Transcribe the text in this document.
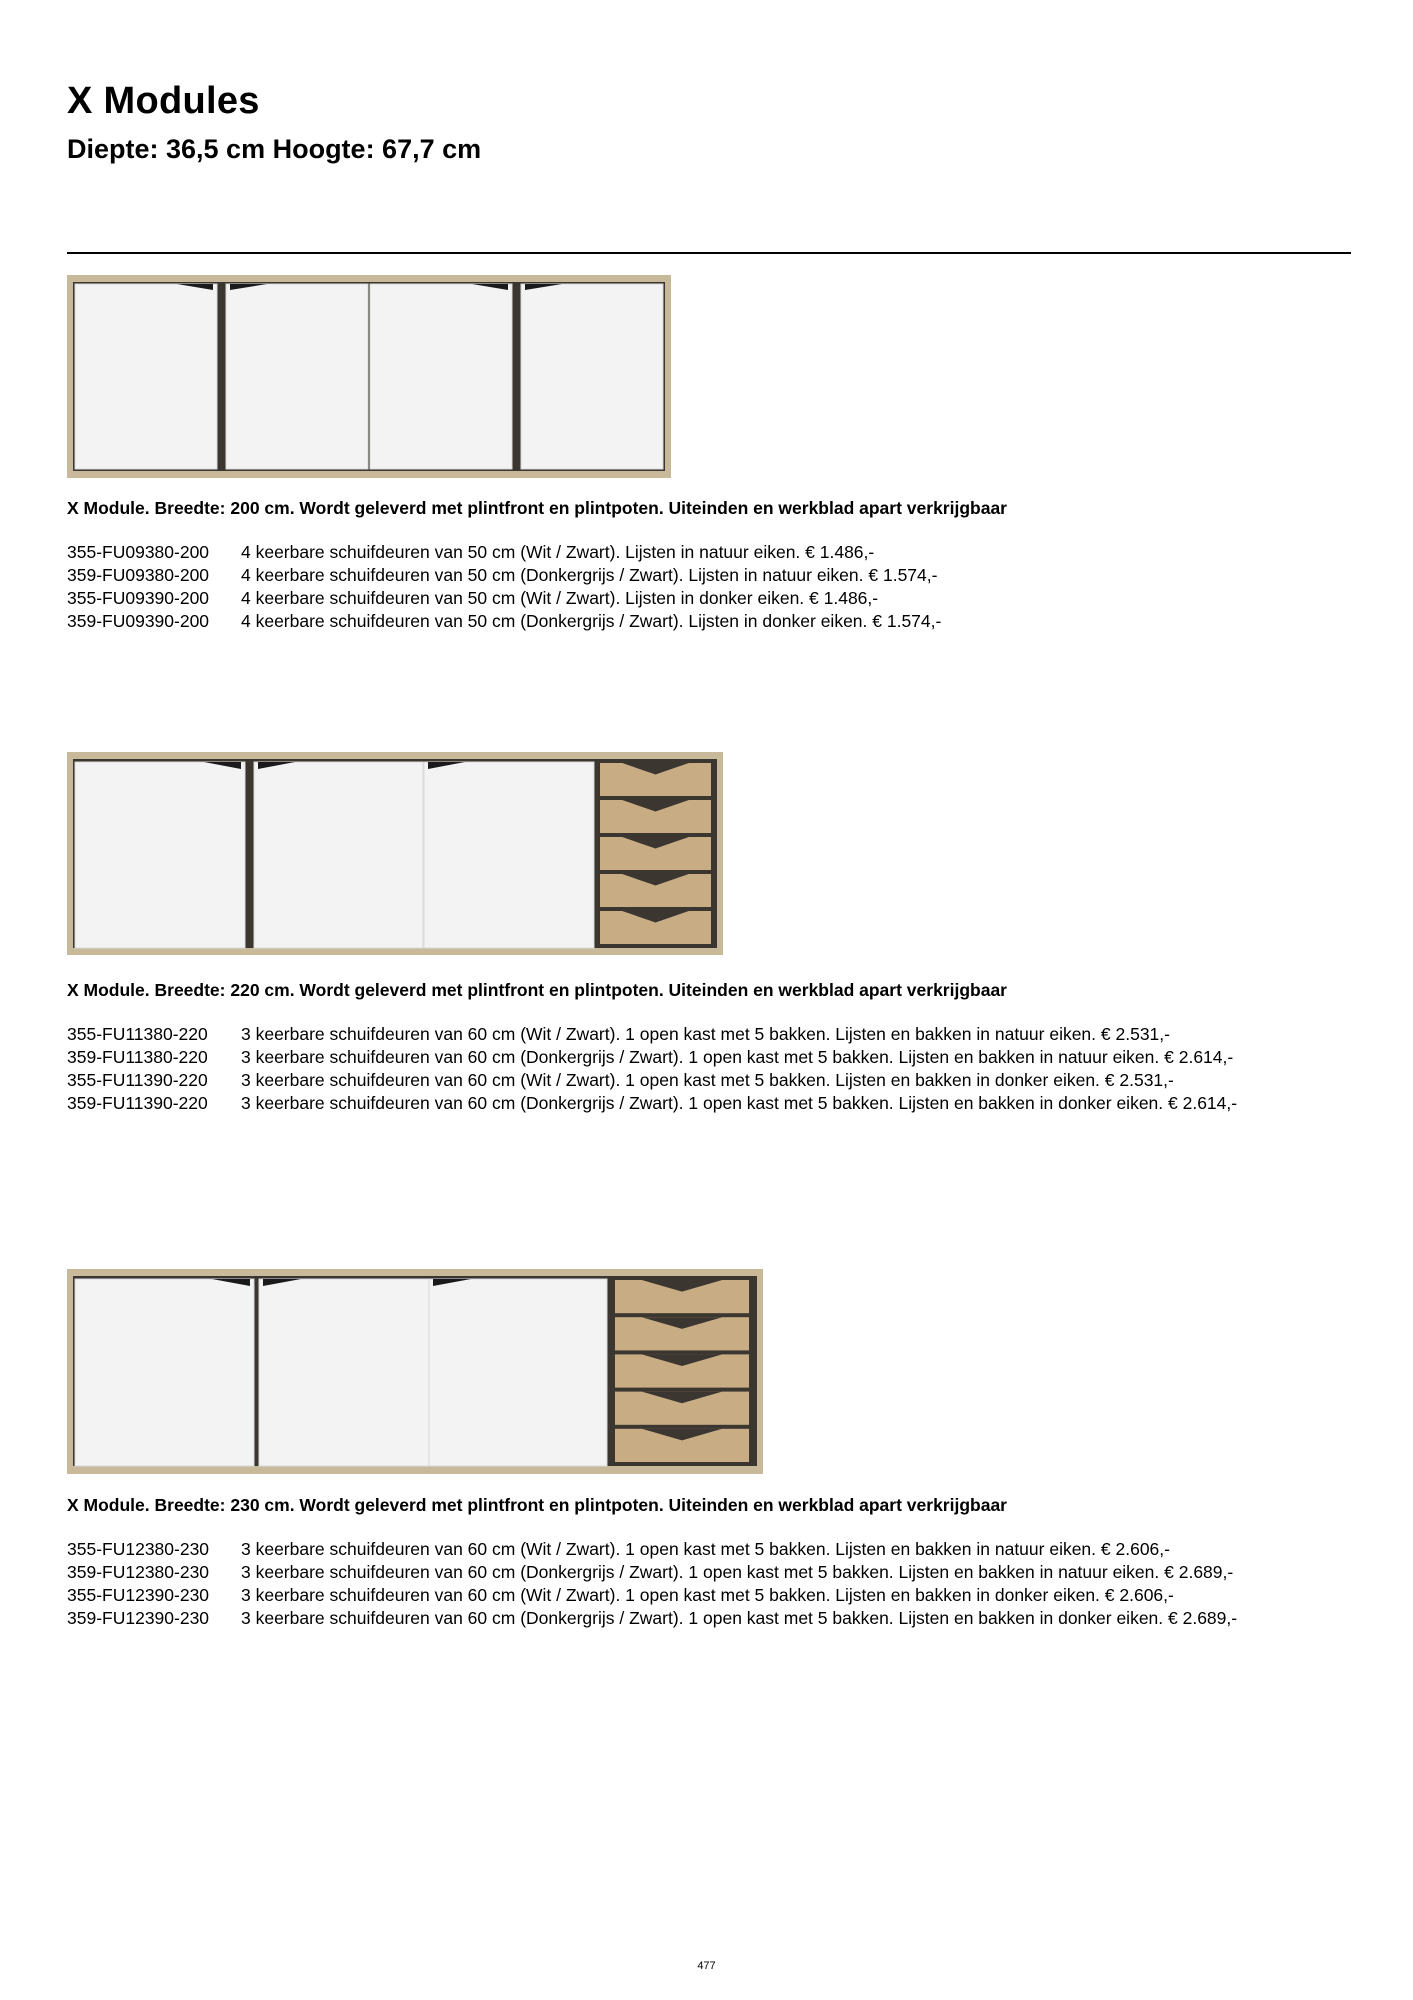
X Modules
Diepte: 36,5 cm Hoogte: 67,7 cm
X Module. Breedte: 200 cm. Wordt geleverd met plintfront en plintpoten. Uiteinden en werkblad apart verkrijgbaar
355-FU09380-200	4 keerbare schuifdeuren van 50 cm (Wit / Zwart). Lijsten in natuur eiken. € 1.486,-
359-FU09380-200	4 keerbare schuifdeuren van 50 cm (Donkergrijs / Zwart). Lijsten in natuur eiken. € 1.574,-
355-FU09390-200	4 keerbare schuifdeuren van 50 cm (Wit / Zwart). Lijsten in donker eiken. € 1.486,-
359-FU09390-200	4 keerbare schuifdeuren van 50 cm (Donkergrijs / Zwart). Lijsten in donker eiken. € 1.574,-
X Module. Breedte: 220 cm. Wordt geleverd met plintfront en plintpoten. Uiteinden en werkblad apart verkrijgbaar
355-FU11380-220	3 keerbare schuifdeuren van 60 cm (Wit / Zwart). 1 open kast met 5 bakken. Lijsten en bakken in natuur eiken. € 2.531,-
359-FU11380-220	3 keerbare schuifdeuren van 60 cm (Donkergrijs / Zwart). 1 open kast met 5 bakken. Lijsten en bakken in natuur eiken. € 2.614,-
355-FU11390-220	3 keerbare schuifdeuren van 60 cm (Wit / Zwart). 1 open kast met 5 bakken. Lijsten en bakken in donker eiken. € 2.531,-
359-FU11390-220	3 keerbare schuifdeuren van 60 cm (Donkergrijs / Zwart). 1 open kast met 5 bakken. Lijsten en bakken in donker eiken. € 2.614,-
X Module. Breedte: 230 cm. Wordt geleverd met plintfront en plintpoten. Uiteinden en werkblad apart verkrijgbaar
355-FU12380-230	3 keerbare schuifdeuren van 60 cm (Wit / Zwart). 1 open kast met 5 bakken. Lijsten en bakken in natuur eiken. € 2.606,-
359-FU12380-230	3 keerbare schuifdeuren van 60 cm (Donkergrijs / Zwart). 1 open kast met 5 bakken. Lijsten en bakken in natuur eiken. € 2.689,-
355-FU12390-230	3 keerbare schuifdeuren van 60 cm (Wit / Zwart). 1 open kast met 5 bakken. Lijsten en bakken in donker eiken. € 2.606,-
359-FU12390-230	3 keerbare schuifdeuren van 60 cm (Donkergrijs / Zwart). 1 open kast met 5 bakken. Lijsten en bakken in donker eiken. € 2.689,-
477
